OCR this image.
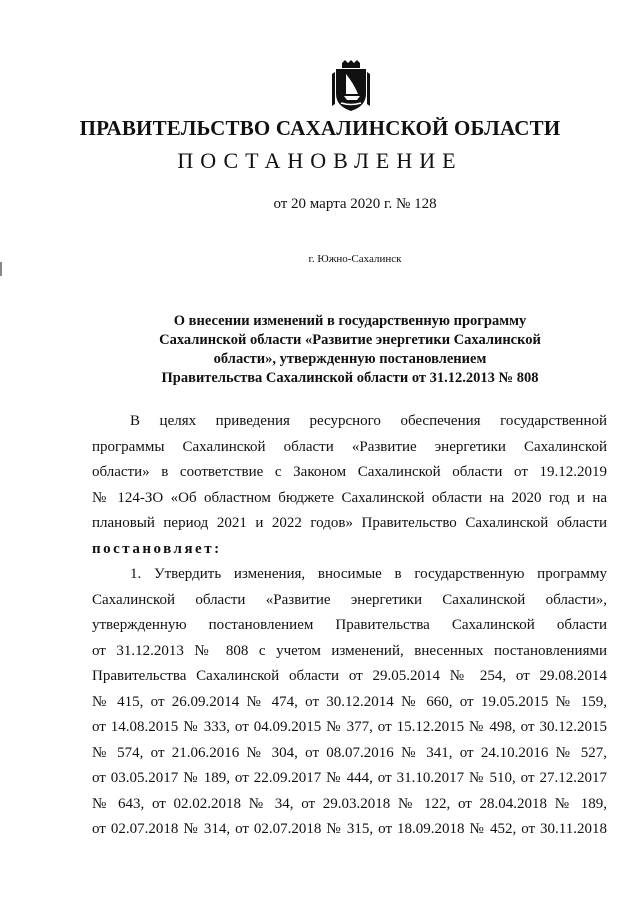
ПРАВИТЕЛЬСТВО САХАЛИНСКОЙ ОБЛАСТИ
ПОСТАНОВЛЕНИЕ
от 20 марта 2020 г. № 128
г. Южно-Сахалинск
О внесении изменений в государственную программу
Сахалинской области «Развитие энергетики Сахалинской
области», утвержденную постановлением
Правительства Сахалинской области от 31.12.2013 № 808
В целях приведения ресурсного обеспечения государственной
программы Сахалинской области «Развитие энергетики Сахалинской
области» в соответствие с Законом Сахалинской области от 19.12.2019
№ 124-ЗО «Об областном бюджете Сахалинской области на 2020 год и на
плановый период 2021 и 2022 годов» Правительство Сахалинской области
постановляет:
1. Утвердить изменения, вносимые в государственную программу
Сахалинской области «Развитие энергетики Сахалинской области»,
утвержденную постановлением Правительства Сахалинской области
от 31.12.2013 № 808 с учетом изменений, внесенных постановлениями
Правительства Сахалинской области от 29.05.2014 № 254, от 29.08.2014
№ 415, от 26.09.2014 № 474, от 30.12.2014 № 660, от 19.05.2015 № 159,
от 14.08.2015 № 333, от 04.09.2015 № 377, от 15.12.2015 № 498, от 30.12.2015
№ 574, от 21.06.2016 № 304, от 08.07.2016 № 341, от 24.10.2016 № 527,
от 03.05.2017 № 189, от 22.09.2017 № 444, от 31.10.2017 № 510, от 27.12.2017
№ 643, от 02.02.2018 № 34, от 29.03.2018 № 122, от 28.04.2018 № 189,
от 02.07.2018 № 314, от 02.07.2018 № 315, от 18.09.2018 № 452, от 30.11.2018
